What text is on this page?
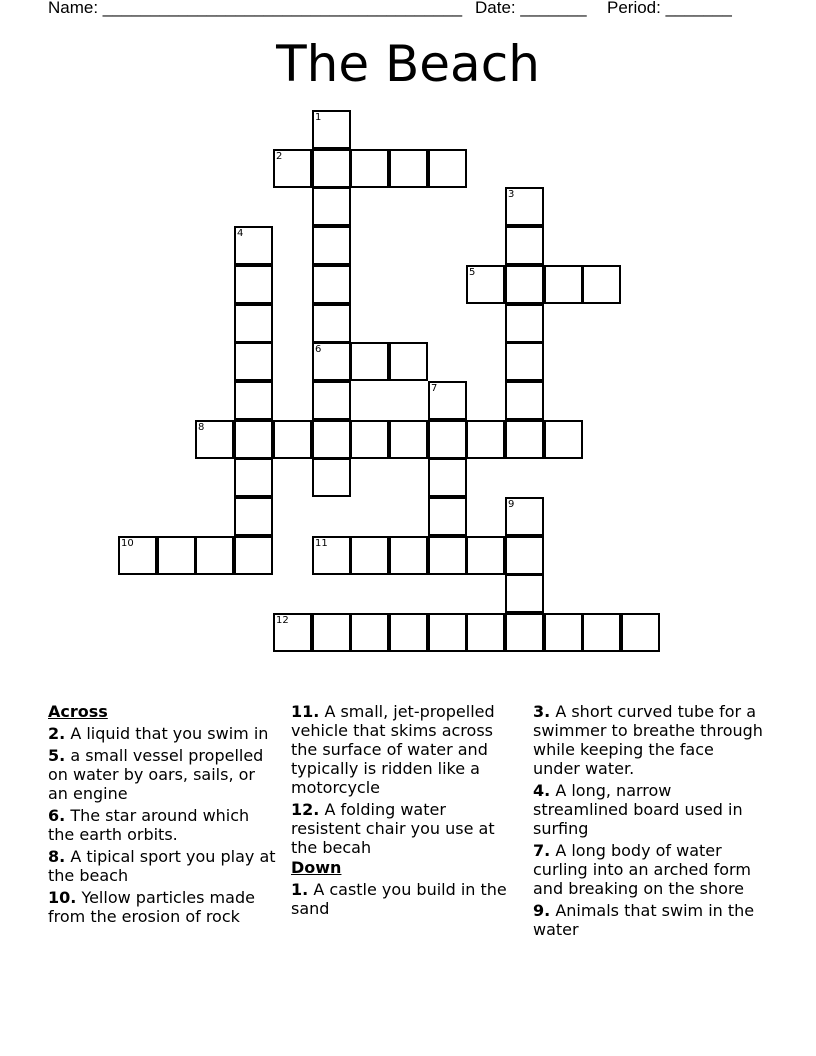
Name: ______________________________________ Date: _______ Period: _______
The Beach
1
6
2
3
4
5
7
8
9
10	11
12
Across
2. A liquid that you swim in
5. a small vessel propelled on water by oars, sails, or an engine
6. The star around which the earth orbits.
8. A tipical sport you play at the beach
10. Yellow particles made from the erosion of rock
11. A small, jet-propelled vehicle that skims across the surface of water and typically is ridden like a motorcycle
12. A folding water resistent chair you use at the becah
Down
1. A castle you build in the sand
3. A short curved tube for a swimmer to breathe through while keeping the face under water.
4. A long, narrow streamlined board used in surfing
7. A long body of water curling into an arched form and breaking on the shore
9. Animals that swim in the water
